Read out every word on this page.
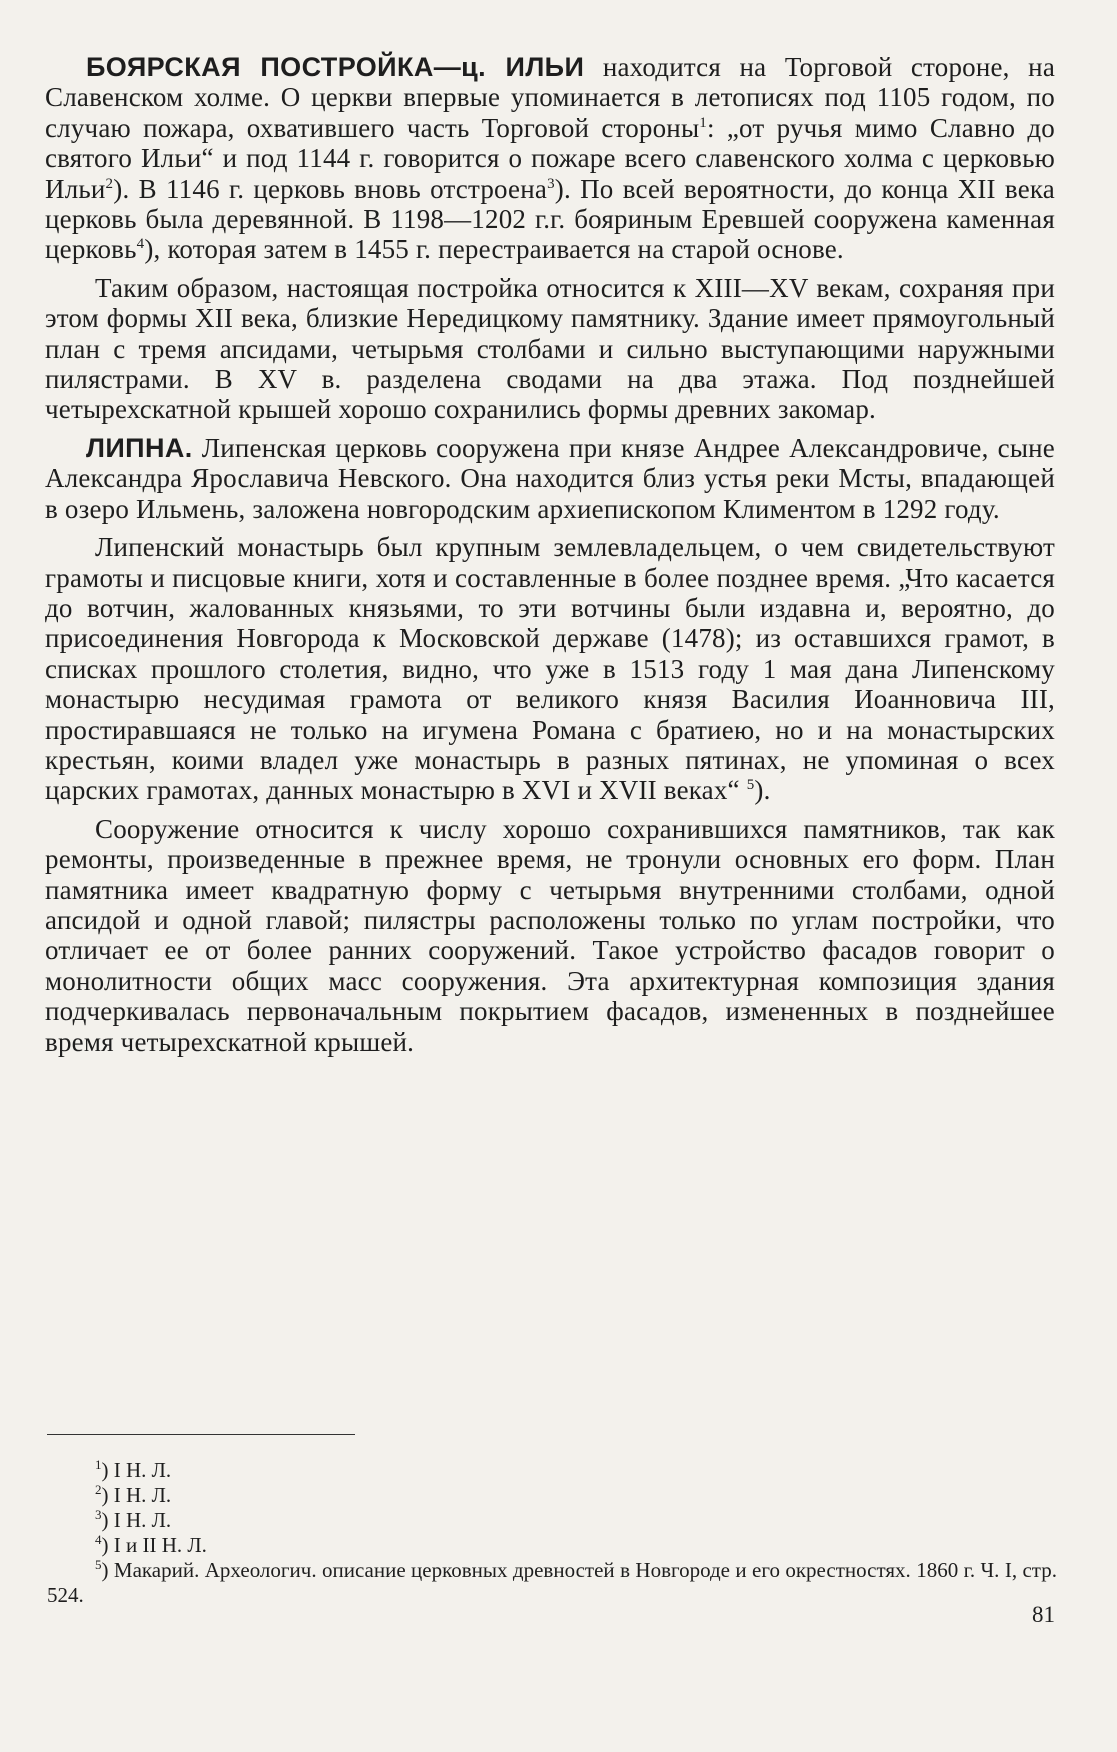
БОЯРСКАЯ ПОСТРОЙКА—ц. ИЛЬИ находится на Торговой стороне, на Славенском холме. О церкви впервые упоминается в летописях под 1105 годом, по случаю пожара, охватившего часть Торговой стороны$^1$: „от ручья мимо Славно до святого Ильи“ и под 1144 г. говорится о пожаре всего славенского холма с церковью Ильи$^2$). В 1146 г. церковь вновь отстроена$^3$). По всей вероятности, до конца XII века церковь была деревянной. В 1198—1202 г.г. бояриным Еревшей сооружена каменная церковь$^4$), которая затем в 1455 г. перестраивается на старой основе.

Таким образом, настоящая постройка относится к XIII—XV векам, сохраняя при этом формы XII века, близкие Нередицкому памятнику. Здание имеет прямоугольный план с тремя апсидами, четырьмя столбами и сильно выступающими наружными пилястрами. В XV в. разделена сводами на два этажа. Под позднейшей четырехскатной крышей хорошо сохранились формы древних закомар.

ЛИПНА. Липенская церковь сооружена при князе Андрее Александровиче, сыне Александра Ярославича Невского. Она находится близ устья реки Мсты, впадающей в озеро Ильмень, заложена новгородским архиепископом Климентом в 1292 году.

Липенский монастырь был крупным землевладельцем, о чем свидетельствуют грамоты и писцовые книги, хотя и составленные в более позднее время. „Что касается до вотчин, жалованных князьями, то эти вотчины были издавна и, вероятно, до присоединения Новгорода к Московской державе (1478); из оставшихся грамот, в списках прошлого столетия, видно, что уже в 1513 году 1 мая дана Липенскому монастырю несудимая грамота от великого князя Василия Иоанновича III, простиравшаяся не только на игумена Романа с братиею, но и на монастырских крестьян, коими владел уже монастырь в разных пятинах, не упоминая о всех царских грамотах, данных монастырю в XVI и XVII веках“ $^5$).

Сооружение относится к числу хорошо сохранившихся памятников, так как ремонты, произведенные в прежнее время, не тронули основных его форм. План памятника имеет квадратную форму с четырьмя внутренними столбами, одной апсидой и одной главой; пилястры расположены только по углам постройки, что отличает ее от более ранних сооружений. Такое устройство фасадов говорит о монолитности общих масс сооружения. Эта архитектурная композиция здания подчеркивалась первоначальным покрытием фасадов, измененных в позднейшее время четырехскатной крышей.

$^1$) I Н. Л.

$^2$) I Н. Л.

$^3$) I Н. Л.

$^4$) I и II Н. Л.

$^5$) Макарий. Археологич. описание церковных древностей в Новгороде и его окрестностях. 1860 г. Ч. I, стр. 524.

81
